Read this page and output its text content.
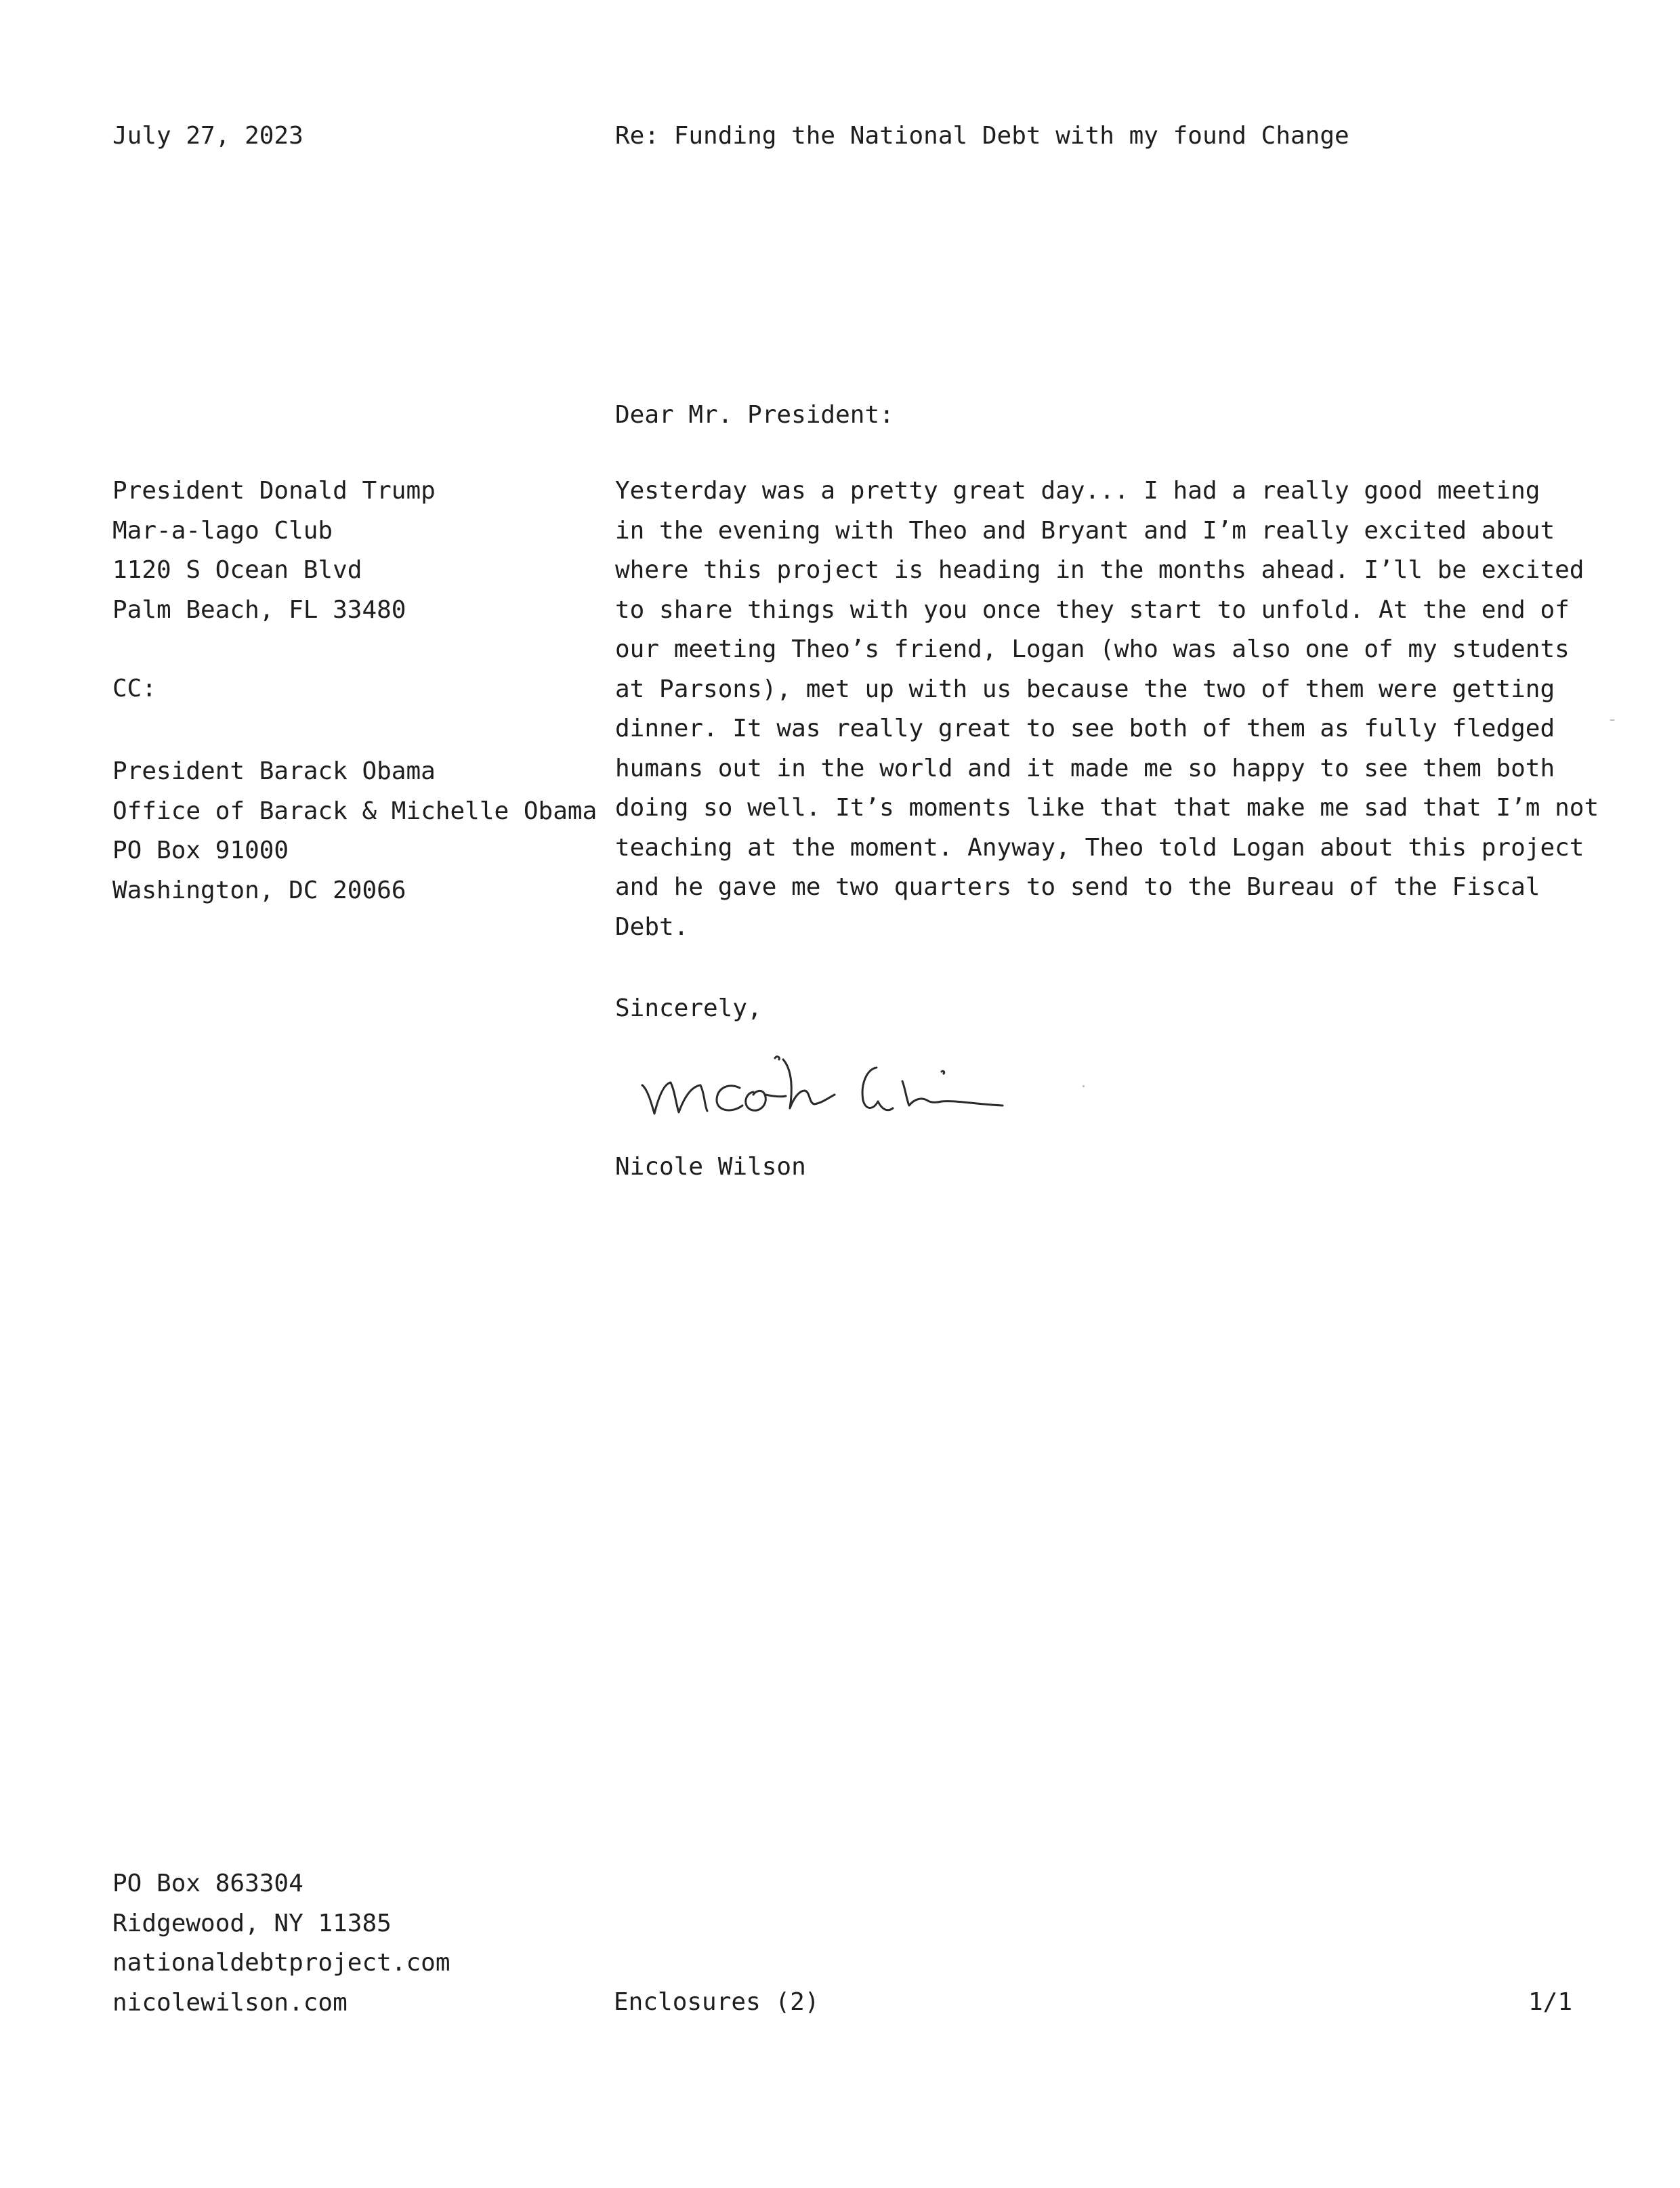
July 27, 2023	Re: Funding the National Debt with my found Change
Dear Mr. President:
President Donald Trump
Mar-a-lago Club
1120 S Ocean Blvd
Palm Beach, FL 33480
CC:
President Barack Obama
Office of Barack & Michelle Obama
PO Box 91000
Washington, DC 20066
Yesterday was a pretty great day... I had a really good meeting
in the evening with Theo and Bryant and I’m really excited about
where this project is heading in the months ahead. I’ll be excited
to share things with you once they start to unfold. At the end of
our meeting Theo’s friend, Logan (who was also one of my students
at Parsons), met up with us because the two of them were getting
dinner. It was really great to see both of them as fully fledged
humans out in the world and it made me so happy to see them both
doing so well. It’s moments like that that make me sad that I’m not
teaching at the moment. Anyway, Theo told Logan about this project
and he gave me two quarters to send to the Bureau of the Fiscal
Debt.
Sincerely,
Nicole Wilson
PO Box 863304
Ridgewood, NY 11385
nationaldebtproject.com
nicolewilson.com	Enclosures (2)	1/1
